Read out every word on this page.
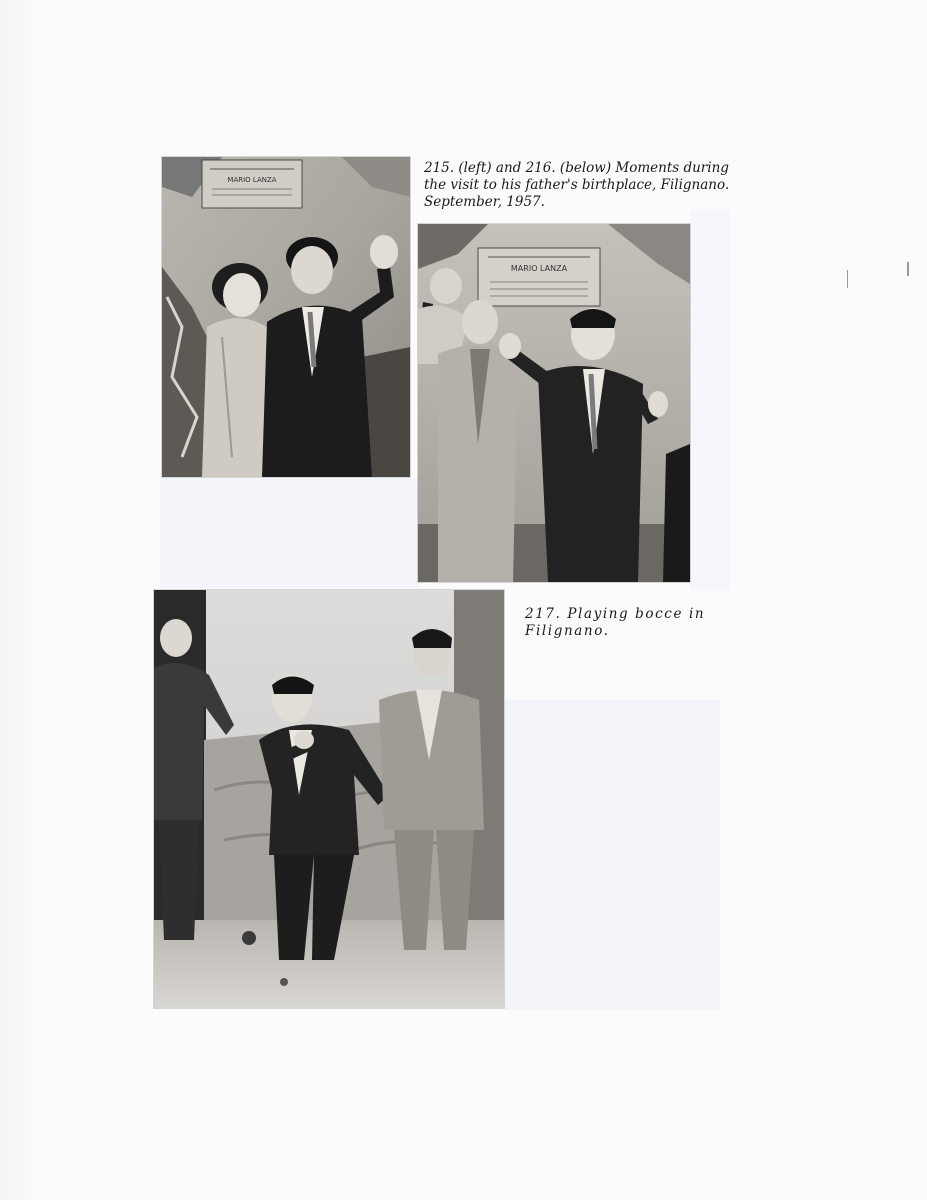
MARIO LANZA

215. (left) and 216. (below) Moments during
the visit to his father's birthplace, Filignano.
September, 1957.

MARIO LANZA

217. Playing bocce in
Filignano.
